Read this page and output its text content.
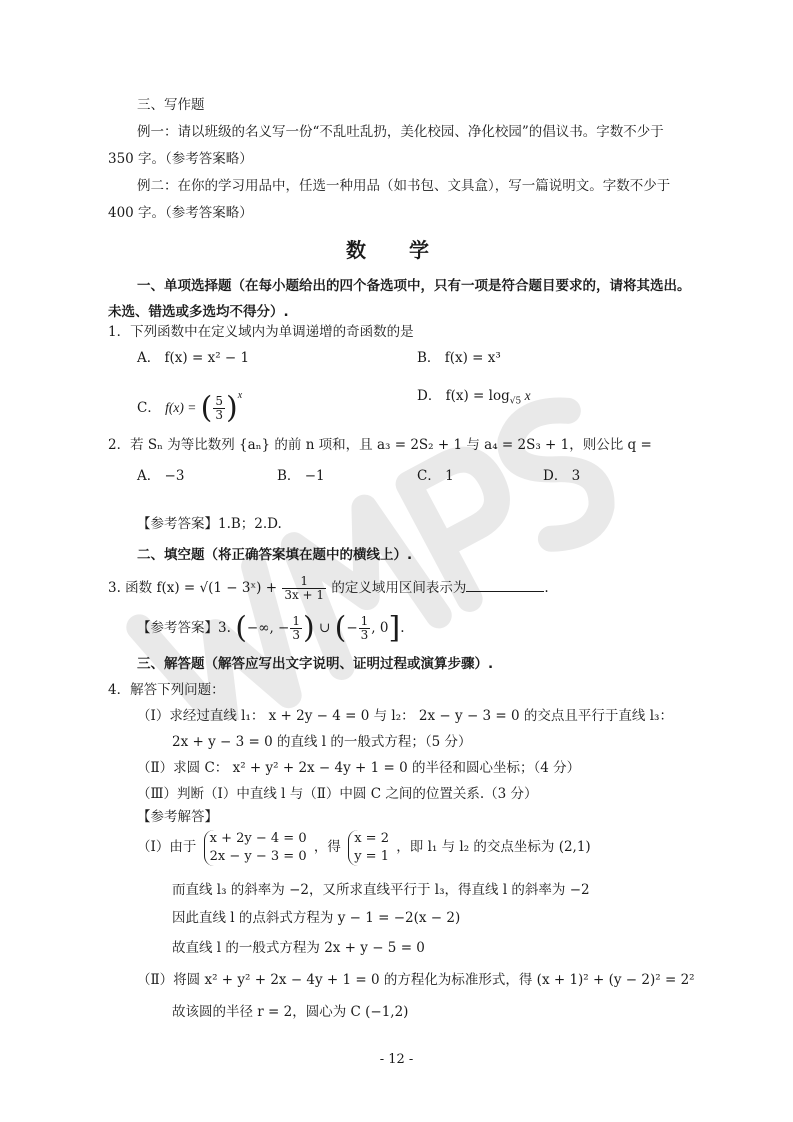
三、写作题
例一：请以班级的名义写一份“不乱吐乱扔，美化校园、净化校园”的倡议书。字数不少于
350 字。（参考答案略）
例二：在你的学习用品中，任选一种用品（如书包、文具盒），写一篇说明文。字数不少于
400 字。（参考答案略）
数 学
一、单项选择题（在每小题给出的四个备选项中，只有一项是符合题目要求的，请将其选出。
未选、错选或多选均不得分）.
1．下列函数中在定义域内为单调递增的奇函数的是
A． f(x) = x² − 1	B． f(x) = x³
C． f(x) = ( $\frac{5}{3} )^x$	D． $f(x) = \log_{√5} x$
2．若 Sₙ 为等比数列 {aₙ} 的前 n 项和，且 a₃ = 2S₂ + 1 与 a₄ = 2S₃ + 1，则公比 q =
A． −3	B． −1	C． 1	D． 3
【参考答案】1.B；2.D.
二、填空题（将正确答案填在题中的横线上）.
3. 函数 f(x) = √(1 − 3ˣ) + $\frac{1}{3x + 1}$ 的定义域用区间表示为	.
【参考答案】3. (−∞, − $\frac{1}{3}$ ) ∪ (− $\frac{1}{3}$ , 0].
三、解答题（解答应写出文字说明、证明过程或演算步骤）.
4．解答下列问题：
（Ⅰ）求经过直线 l₁： x + 2y − 4 = 0 与 l₂： 2x − y − 3 = 0 的交点且平行于直线 l₃：
2x + y − 3 = 0 的直线 l 的一般式方程；（5 分）
（Ⅱ）求圆 C： x² + y² + 2x − 4y + 1 = 0 的半径和圆心坐标；（4 分）
（Ⅲ）判断（Ⅰ）中直线 l 与（Ⅱ）中圆 C 之间的位置关系.（3 分）
【参考解答】
（Ⅰ）由于
x + 2y − 4 = 0
2x − y − 3 = 0
，得
x = 2
y = 1
，即 l₁ 与 l₂ 的交点坐标为 (2,1)
而直线 l₃ 的斜率为 −2，又所求直线平行于 l₃，得直线 l 的斜率为 −2
因此直线 l 的点斜式方程为 y − 1 = −2(x − 2)
故直线 l 的一般式方程为 2x + y − 5 = 0
（Ⅱ）将圆 x² + y² + 2x − 4y + 1 = 0 的方程化为标准形式，得 (x + 1)² + (y − 2)² = 2²
故该圆的半径 r = 2，圆心为 C (−1,2)
- 12 -
